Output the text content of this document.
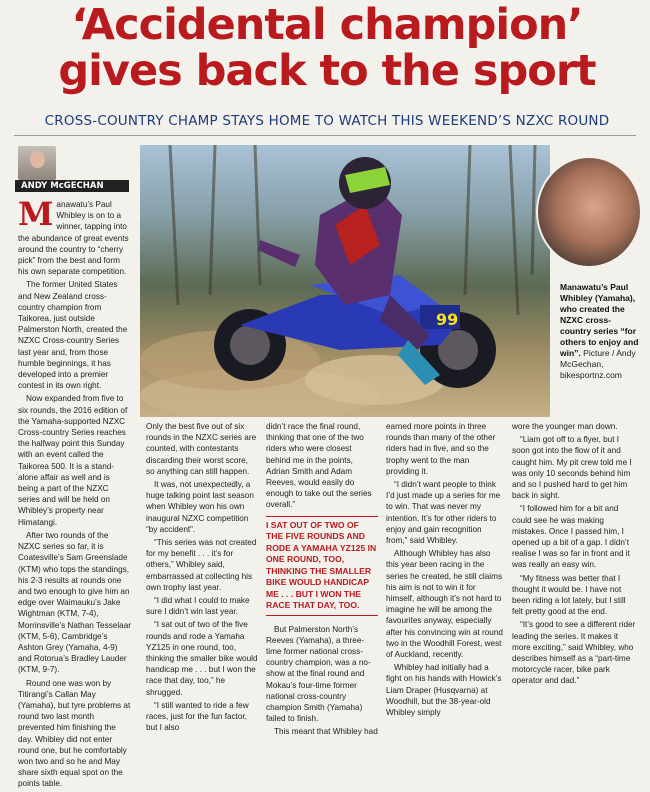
‘Accidental champion’
gives back to the sport
CROSS-COUNTRY CHAMP STAYS HOME TO WATCH THIS WEEKEND’S NZXC ROUND
ANDY McGECHAN

Manawatu’s Paul Whibley is on to a winner, tapping into the abundance of great events around the country to “cherry pick” from the best and form his own separate competition.

The former United States and New Zealand cross-country champion from Taikorea, just outside Palmerston North, created the NZXC Cross-country Series last year and, from those humble beginnings, it has developed into a premier contest in its own right.

Now expanded from five to six rounds, the 2016 edition of the Yamaha-supported NZXC Cross-country Series reaches the halfway point this Sunday with an event called the Taikorea 500. It is a stand-alone affair as well and is being a part of the NZXC series and will be held on Whibley’s property near Himatangi.

After two rounds of the NZXC series so far, it is Coatesville’s Sam Greenslade (KTM) who tops the standings, his 2-3 results at rounds one and two enough to give him an edge over Waimauku’s Jake Wightman (KTM, 7-4), Morrinsville’s Nathan Tesselaar (KTM, 5-6), Cambridge’s Ashton Grey (Yamaha, 4-9) and Rotorua’s Bradley Lauder (KTM, 9-7).

Round one was won by Titirangi’s Callan May (Yamaha), but tyre problems at round two last month prevented him finishing the day. Whibley did not enter round one, but he comfortably won two and so he and May share sixth equal spot on the points table.

99
Manawatu’s Paul Whibley (Yamaha), who created the NZXC cross-country series “for others to enjoy and win”. Picture / Andy McGechan, bikesportnz.com

Only the best five out of six rounds in the NZXC series are counted, with contestants discarding their worst score, so anything can still happen.

It was, not unexpectedly, a huge talking point last season when Whibley won his own inaugural NZXC competition “by accident”.

“This series was not created for my benefit . . . it’s for others,” Whibley said, embarrassed at collecting his own trophy last year.

“I did what I could to make sure I didn’t win last year.

“I sat out of two of the five rounds and rode a Yamaha YZ125 in one round, too, thinking the smaller bike would handicap me . . . but I won the race that day, too,” he shrugged.

“I still wanted to ride a few races, just for the fun factor, but I also

didn’t race the final round, thinking that one of the two riders who were closest behind me in the points, Adrian Smith and Adam Reeves, would easily do enough to take out the series overall.”

I SAT OUT OF TWO OF THE FIVE ROUNDS AND RODE A YAMAHA YZ125 IN ONE ROUND, TOO, THINKING THE SMALLER BIKE WOULD HANDICAP ME . . . BUT I WON THE RACE THAT DAY, TOO.

But Palmerston North’s Reeves (Yamaha), a three-time former national cross-country champion, was a no-show at the final round and Mokau’s four-time former national cross-country champion Smith (Yamaha) failed to finish.

This meant that Whibley had

earned more points in three rounds than many of the other riders had in five, and so the trophy went to the man providing it.

“I didn’t want people to think I’d just made up a series for me to win. That was never my intention. It’s for other riders to enjoy and gain recognition from,” said Whibley.

Although Whibley has also this year been racing in the series he created, he still claims his aim is not to win it for himself, although it’s not hard to imagine he will be among the favourites anyway, especially after his convincing win at round two in the Woodhill Forest, west of Auckland, recently.

Whibley had initially had a fight on his hands with Howick’s Liam Draper (Husqvarna) at Woodhill, but the 38-year-old Whibley simply

wore the younger man down.

“Liam got off to a flyer, but I soon got into the flow of it and caught him. My pit crew told me I was only 10 seconds behind him and so I pushed hard to get him back in sight.

“I followed him for a bit and could see he was making mistakes. Once I passed him, I opened up a bit of a gap. I didn’t realise I was so far in front and it was really an easy win.

“My fitness was better that I thought it would be. I have not been riding a lot lately, but I still felt pretty good at the end.

“It’s good to see a different rider leading the series. It makes it more exciting,” said Whibley, who describes himself as a “part-time motorcycle racer, bike park operator and dad.”
